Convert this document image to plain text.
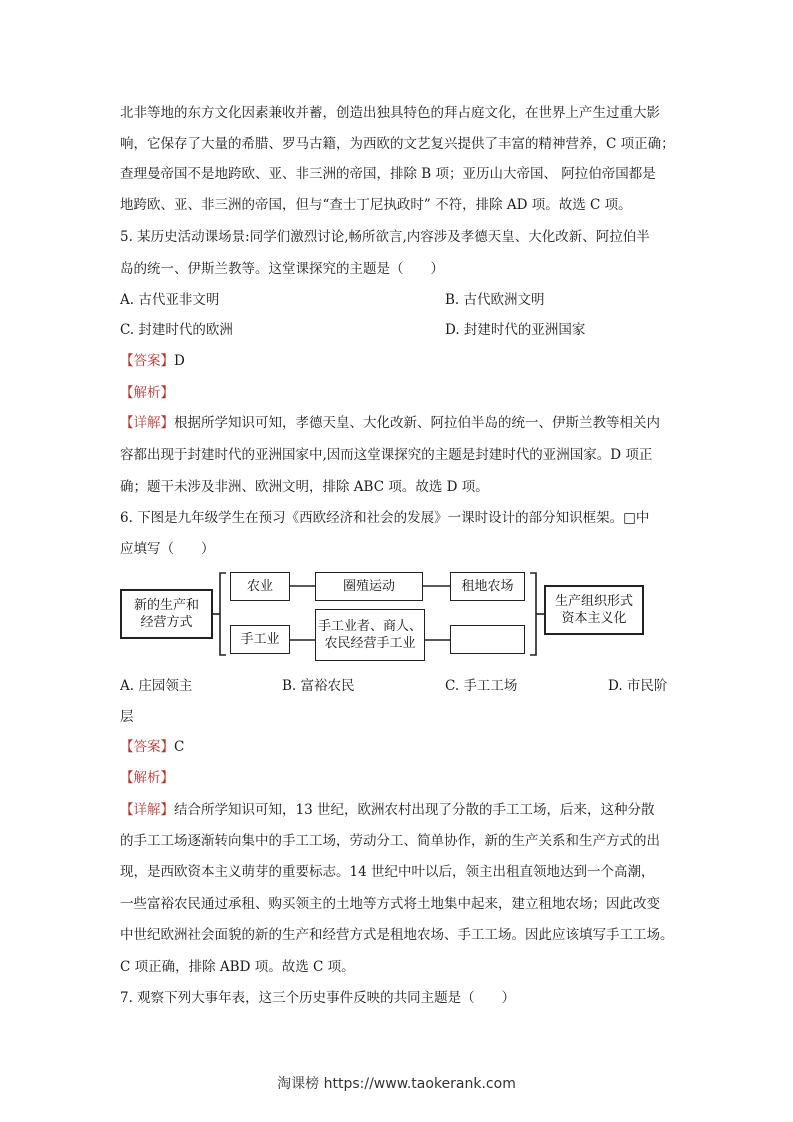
北非等地的东方文化因素兼收并蓄，创造出独具特色的拜占庭文化，在世界上产生过重大影
响，它保存了大量的希腊、罗马古籍，为西欧的文艺复兴提供了丰富的精神营养，C 项正确；
查理曼帝国不是地跨欧、亚、非三洲的帝国，排除 B 项；亚历山大帝国、 阿拉伯帝国都是
地跨欧、亚、非三洲的帝国，但与“查士丁尼执政时” 不符，排除 AD 项。故选 C 项。
5. 某历史活动课场景:同学们激烈讨论,畅所欲言,内容涉及孝德天皇、大化改新、阿拉伯半
岛的统一、伊斯兰教等。这堂课探究的主题是（　　）
A. 古代亚非文明	B. 古代欧洲文明
C. 封建时代的欧洲	D. 封建时代的亚洲国家
【答案】D
【解析】
【详解】根据所学知识可知，孝德天皇、大化改新、阿拉伯半岛的统一、伊斯兰教等相关内
容都出现于封建时代的亚洲国家中,因而这堂课探究的主题是封建时代的亚洲国家。D 项正
确；题干未涉及非洲、欧洲文明，排除 ABC 项。故选 D 项。
6. 下图是九年级学生在预习《西欧经济和社会的发展》一课时设计的部分知识框架。□中
应填写（　　）
新的生产和
经营方式
农业	圈殖运动	租地农场
手工业
手工业者、商人、
农民经营手工业
生产组织形式
资本主义化
A. 庄园领主	B. 富裕农民	C. 手工工场	D. 市民阶
层
【答案】C
【解析】
【详解】结合所学知识可知，13 世纪，欧洲农村出现了分散的手工工场，后来，这种分散
的手工工场逐渐转向集中的手工工场，劳动分工、简单协作，新的生产关系和生产方式的出
现，是西欧资本主义萌芽的重要标志。14 世纪中叶以后，领主出租直领地达到一个高潮，
一些富裕农民通过承租、购买领主的土地等方式将土地集中起来，建立租地农场；因此改变
中世纪欧洲社会面貌的新的生产和经营方式是租地农场、手工工场。因此应该填写手工工场。
C 项正确，排除 ABD 项。故选 C 项。
7. 观察下列大事年表，这三个历史事件反映的共同主题是（　　）
淘课榜 https://www.taokerank.com
